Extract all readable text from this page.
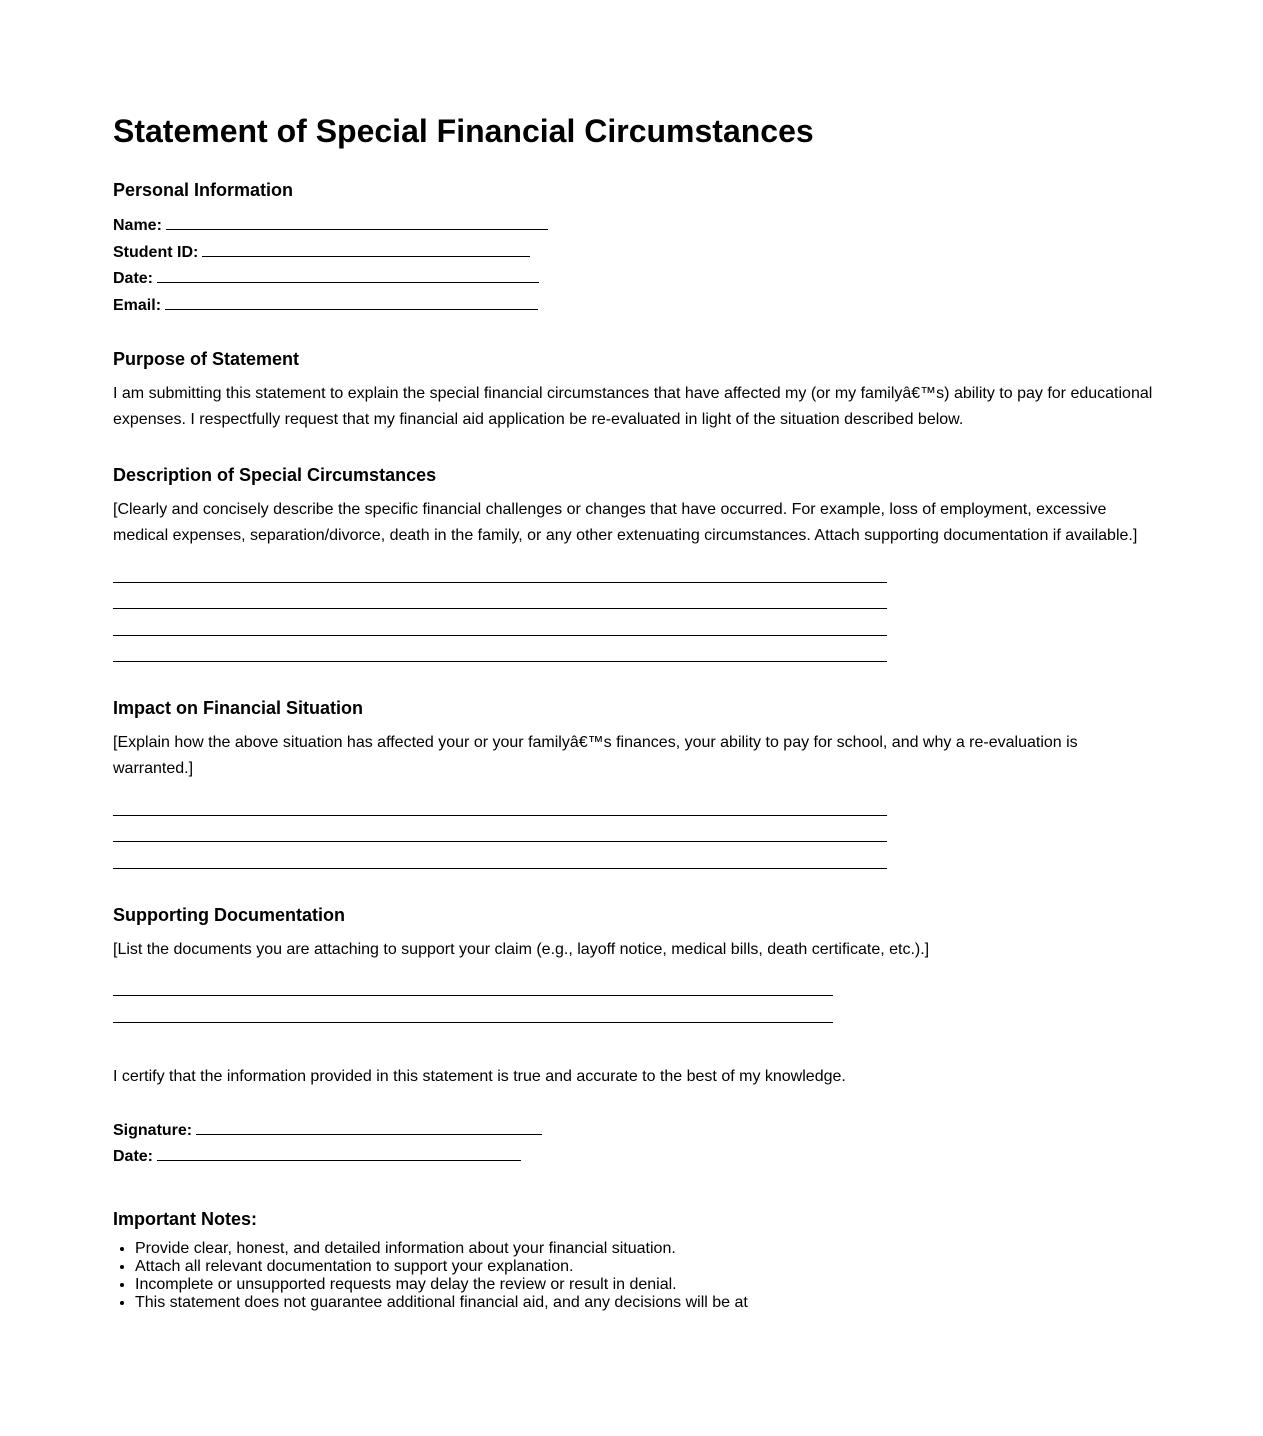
Statement of Special Financial Circumstances
Personal Information
Name:
Student ID:
Date:
Email:
Purpose of Statement

I am submitting this statement to explain the special financial circumstances that have affected my (or my familyâ€™s) ability to pay for educational expenses. I respectfully request that my financial aid application be re-evaluated in light of the situation described below.

Description of Special Circumstances

[Clearly and concisely describe the specific financial challenges or changes that have occurred. For example, loss of employment, excessive medical expenses, separation/divorce, death in the family, or any other extenuating circumstances. Attach supporting documentation if available.]

Impact on Financial Situation

[Explain how the above situation has affected your or your familyâ€™s finances, your ability to pay for school, and why a re-evaluation is warranted.]

Supporting Documentation

[List the documents you are attaching to support your claim (e.g., layoff notice, medical bills, death certificate, etc.).]

I certify that the information provided in this statement is true and accurate to the best of my knowledge.

Signature:
Date:
Important Notes:
• Provide clear, honest, and detailed information about your financial situation.
• Attach all relevant documentation to support your explanation.
• Incomplete or unsupported requests may delay the review or result in denial.
• This statement does not guarantee additional financial aid, and any decisions will be at
